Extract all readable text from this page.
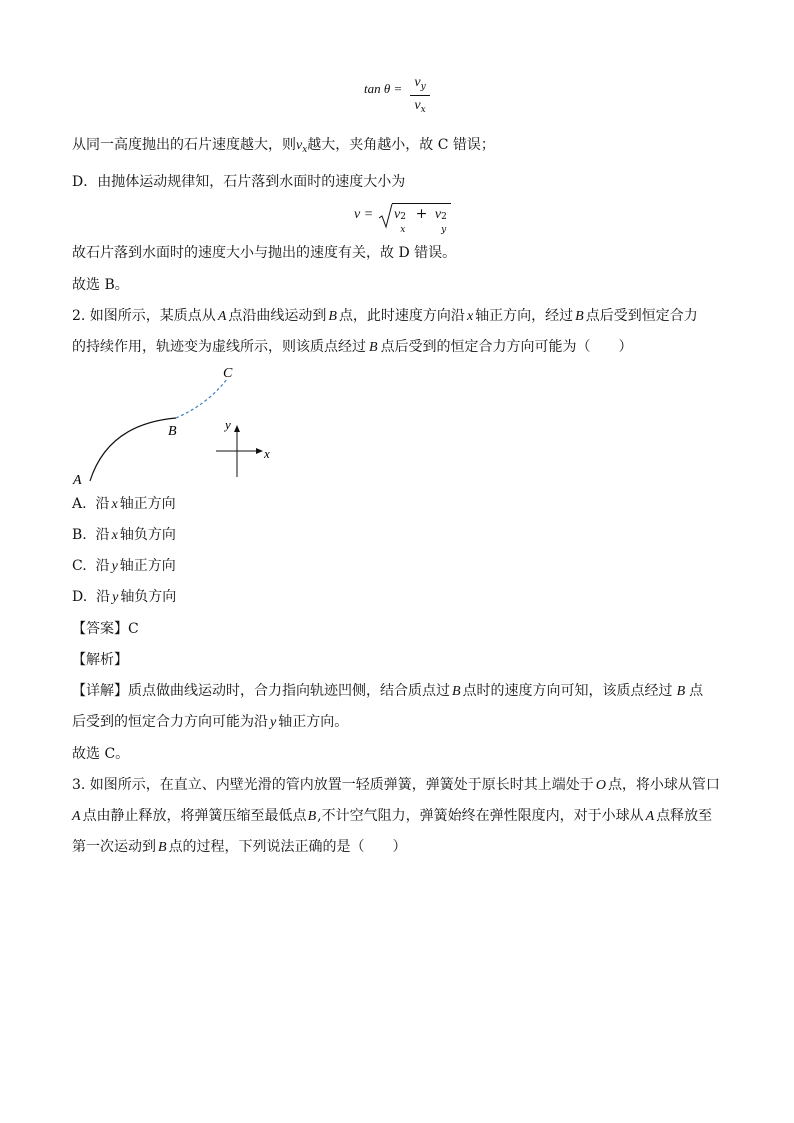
$\tan \theta = \frac{v_y}{v_x}$
从同一高度抛出的石片速度越大，则$v_x$越大，夹角越小，故 C 错误；
D．由抛体运动规律知，石片落到水面时的速度大小为
v = v 2
x
+ v 2
y
故石片落到水面时的速度大小与抛出的速度有关，故 D 错误。
故选 B。
2. 如图所示，某质点从 A 点沿曲线运动到 B 点，此时速度方向沿 x 轴正方向，经过 B 点后受到恒定合力
的持续作用，轨迹变为虚线所示，则该质点经过 B 点后受到的恒定合力方向可能为（　　）
A
B
C
x
y
A. 沿 x 轴正方向
B. 沿 x 轴负方向
C. 沿 y 轴正方向
D. 沿 y 轴负方向
【答案】C
【解析】
【详解】质点做曲线运动时，合力指向轨迹凹侧，结合质点过 B 点时的速度方向可知，该质点经过 B 点
后受到的恒定合力方向可能为沿 y 轴正方向。
故选 C。
3. 如图所示，在直立、内壁光滑的管内放置一轻质弹簧，弹簧处于原长时其上端处于 O 点，将小球从管口
A 点由静止释放，将弹簧压缩至最低点B,不计空气阻力，弹簧始终在弹性限度内，对于小球从 A 点释放至
第一次运动到 B 点的过程，下列说法正确的是（　　）
